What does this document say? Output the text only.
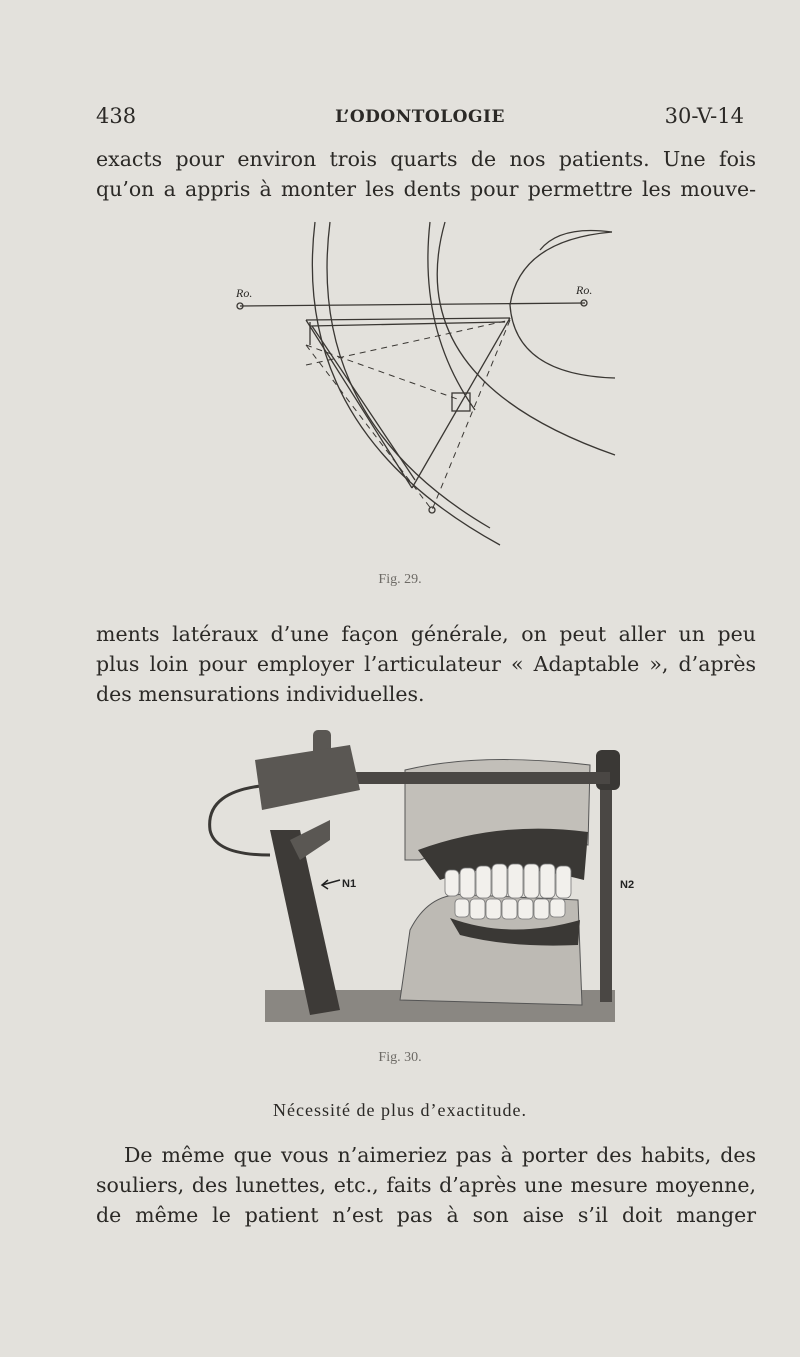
438	L’ODONTOLOGIE	30-V-14
exacts pour environ trois quarts de nos patients. Une fois
qu’on a appris à monter les dents pour permettre les mouve-
Ro.	Ro.
Fig. 29.
ments latéraux d’une façon générale, on peut aller un peu
plus loin pour employer l’articulateur « Adaptable », d’après
des mensurations individuelles.
N1	N2
Fig. 30.
Nécessité de plus d’exactitude.
De même que vous n’aimeriez pas à porter des habits, des
souliers, des lunettes, etc., faits d’après une mesure moyenne,
de même le patient n’est pas à son aise s’il doit manger
